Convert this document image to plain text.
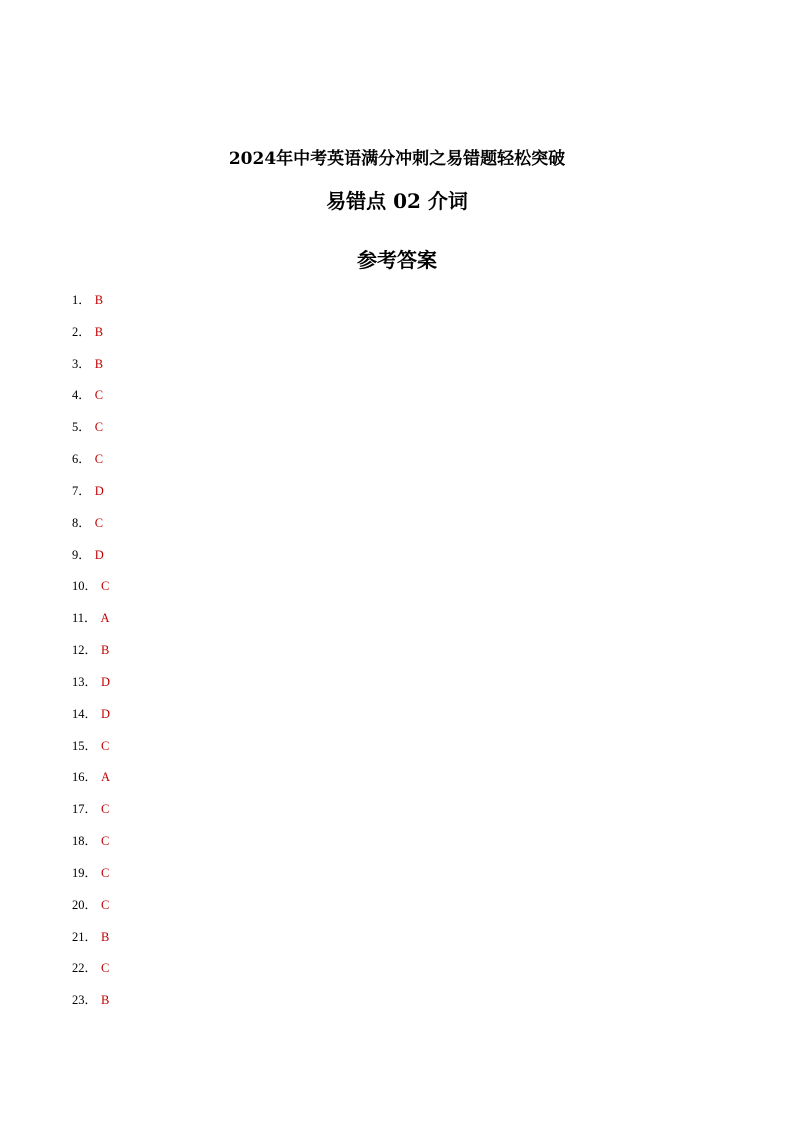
2024年中考英语满分冲刺之易错题轻松突破
易错点 02 介词
参考答案
1． B
2． B
3． B
4． C
5． C
6． C
7． D
8． C
9． D
10． C
11． A
12． B
13． D
14． D
15． C
16． A
17． C
18． C
19． C
20． C
21． B
22． C
23． B
